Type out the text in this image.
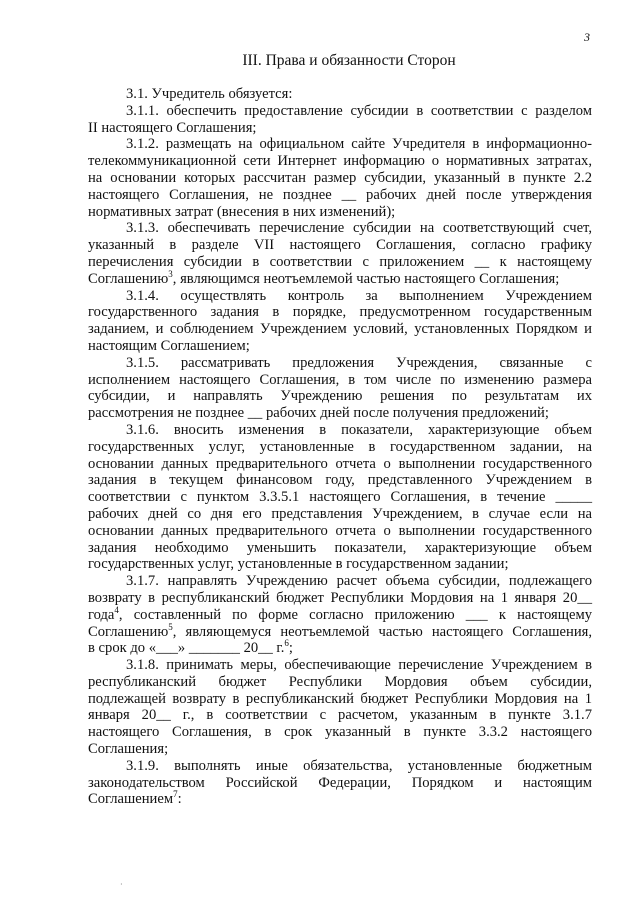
3
III. Права и обязанности Сторон
3.1. Учредитель обязуется:
3.1.1. обеспечить предоставление субсидии в соответствии с разделом
II настоящего Соглашения;
3.1.2. размещать на официальном сайте Учредителя в информационно-
телекоммуникационной сети Интернет информацию о нормативных затратах,
на основании которых рассчитан размер субсидии, указанный в пункте 2.2
настоящего Соглашения, не позднее __ рабочих дней после утверждения
нормативных затрат (внесения в них изменений);
3.1.3. обеспечивать перечисление субсидии на соответствующий счет,
указанный в разделе VII настоящего Соглашения, согласно графику
перечисления субсидии в соответствии с приложением __ к настоящему
Соглашению$^3$, являющимся неотъемлемой частью настоящего Соглашения;
3.1.4. осуществлять контроль за выполнением Учреждением
государственного задания в порядке, предусмотренном государственным
заданием, и соблюдением Учреждением условий, установленных Порядком и
настоящим Соглашением;
3.1.5. рассматривать предложения Учреждения, связанные с
исполнением настоящего Соглашения, в том числе по изменению размера
субсидии, и направлять Учреждению решения по результатам их
рассмотрения не позднее __ рабочих дней после получения предложений;
3.1.6. вносить изменения в показатели, характеризующие объем
государственных услуг, установленные в государственном задании, на
основании данных предварительного отчета о выполнении государственного
задания в текущем финансовом году, представленного Учреждением в
соответствии с пунктом 3.3.5.1 настоящего Соглашения, в течение _____
рабочих дней со дня его представления Учреждением, в случае если на
основании данных предварительного отчета о выполнении государственного
задания необходимо уменьшить показатели, характеризующие объем
государственных услуг, установленные в государственном задании;
3.1.7. направлять Учреждению расчет объема субсидии, подлежащего
возврату в республиканский бюджет Республики Мордовия на 1 января 20__
года$^4$, составленный по форме согласно приложению ___ к настоящему
Соглашению$^5$, являющемуся неотъемлемой частью настоящего Соглашения,
в срок до «___» _______ 20__ г.$^6$;
3.1.8. принимать меры, обеспечивающие перечисление Учреждением в
республиканский бюджет Республики Мордовия объем субсидии,
подлежащей возврату в республиканский бюджет Республики Мордовия на 1
января 20__ г., в соответствии с расчетом, указанным в пункте 3.1.7
настоящего Соглашения, в срок указанный в пункте 3.3.2 настоящего
Соглашения;
3.1.9. выполнять иные обязательства, установленные бюджетным
законодательством Российской Федерации, Порядком и настоящим
Соглашением$^7$:
·
